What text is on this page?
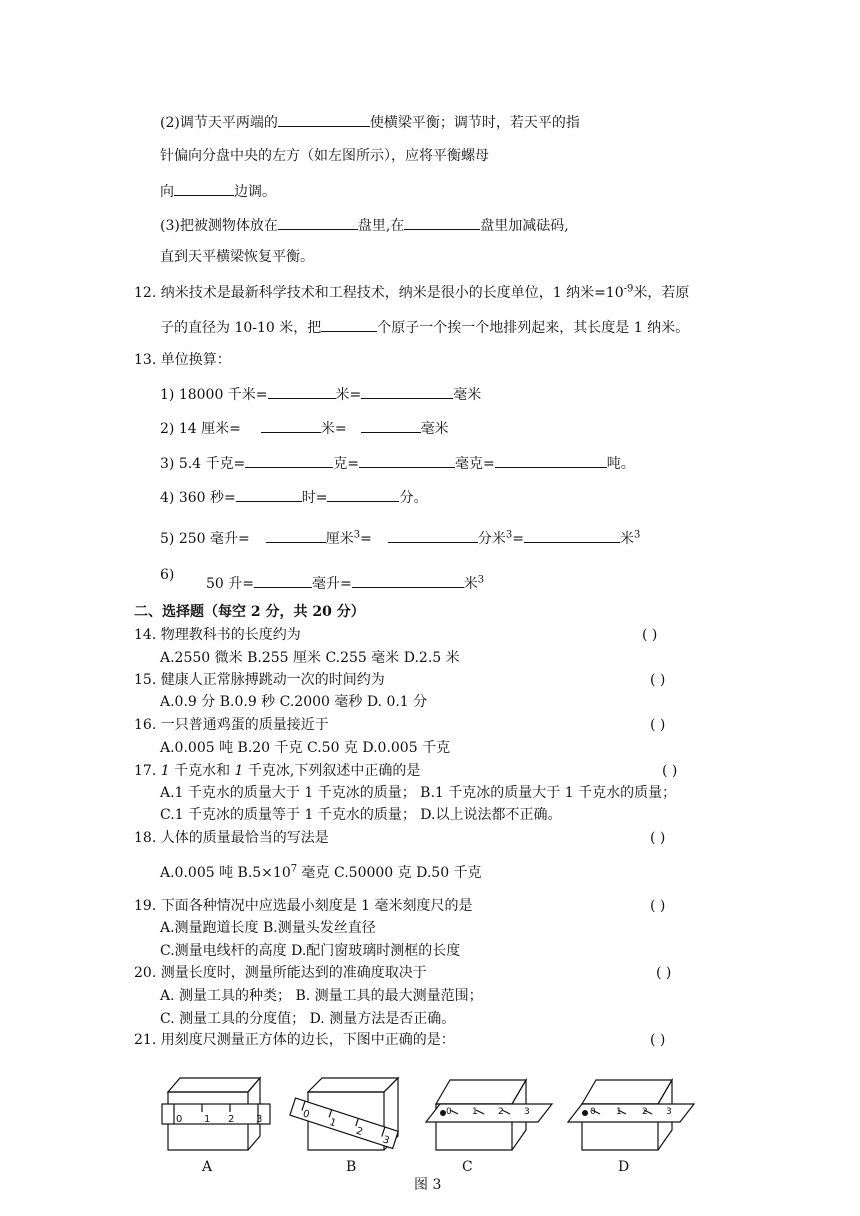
(2)调节天平两端的	使横梁平衡；调节时，若天平的指
针偏向分盘中央的左方（如左图所示），应将平衡螺母
向	边调。
(3)把被测物体放在	盘里,在	盘里加减砝码,
直到天平横梁恢复平衡。
12. 纳米技术是最新科学技术和工程技术，纳米是很小的长度单位，1 纳米$=10^{-9}$米，若原
子的直径为 10-10 米，把	个原子一个挨一个地排列起来，其长度是 1 纳米。
13. 单位换算：
1) 18000 千米=	米=	毫米
2) 14 厘米=	米=	毫米
3) 5.4 千克=	克=	毫克=	吨。
4) 360 秒=	时=	分。
5) 250 毫升=	厘米$^3$=	分米$^3$=	米$^3$
6)
50 升=	毫升=	米$^3$
二、选择题（每空 2 分，共 20 分）
14. 物理教科书的长度约为	( )
A.2550 微米 B.255 厘米 C.255 毫米 D.2.5 米
15. 健康人正常脉搏跳动一次的时间约为	( )
A.0.9 分 B.0.9 秒 C.2000 毫秒 D. 0.1 分
16. 一只普通鸡蛋的质量接近于	( )
A.0.005 吨 B.20 千克 C.50 克 D.0.005 千克
17. 1 千克水和 1 千克冰,下列叙述中正确的是	( )
A.1 千克水的质量大于 1 千克冰的质量； B.1 千克冰的质量大于 1 千克水的质量；
C.1 千克冰的质量等于 1 千克水的质量； D.以上说法都不正确。
18. 人体的质量最恰当的写法是	( )
A.0.005 吨 $B.5\times 10^7$ 毫克 C.50000 克 D.50 千克
19. 下面各种情况中应选最小刻度是 1 毫米刻度尺的是	( )
A.测量跑道长度 B.测量头发丝直径
C.测量电线杆的高度 D.配门窗玻璃时测框的长度
20. 测量长度时，测量所能达到的准确度取决于	( )
A. 测量工具的种类； B. 测量工具的最大测量范围；
C. 测量工具的分度值； D. 测量方法是否正确。
21. 用刻度尺测量正方体的边长，下图中正确的是：	( )
0 1 2 3	0
1
2
3
0 1 2 3	0 1 2 3
A	B	C	D
图 3
